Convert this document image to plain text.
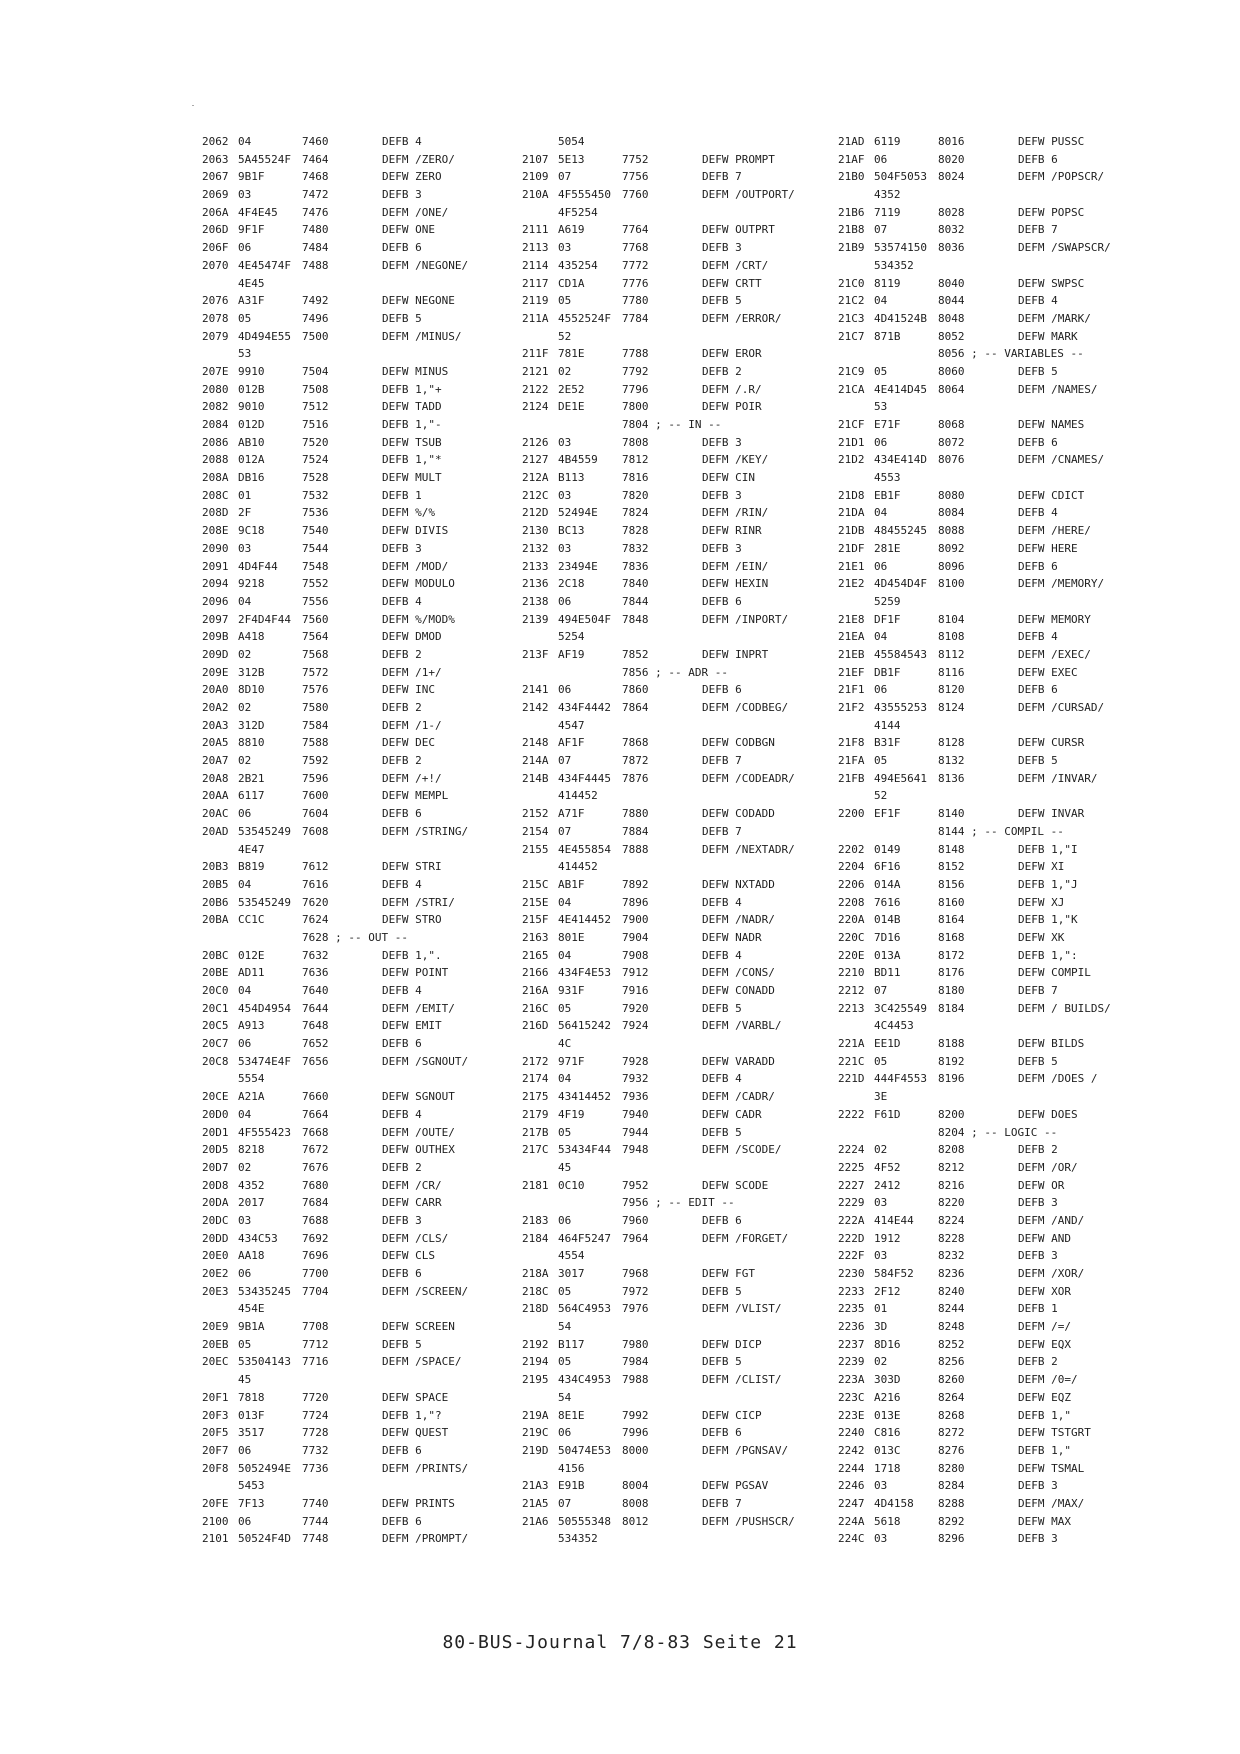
2062 04	7460	DEFB 4
2063 5A45524F 7464	DEFM /ZERO/
2067 9B1F	7468	DEFW ZERO
2069 03	7472	DEFB 3
206A 4F4E45 7476	DEFM /ONE/
206D 9F1F	7480	DEFW ONE
206F 06	7484	DEFB 6
2070 4E45474F 7488	DEFM /NEGONE/
4E45
2076 A31F	7492	DEFW NEGONE
2078 05	7496	DEFB 5
2079 4D494E55 7500	DEFM /MINUS/
53
207E 9910	7504	DEFW MINUS
2080 012B	7508	DEFB 1,"+
2082 9010	7512	DEFW TADD
2084 012D	7516	DEFB 1,"-
2086 AB10	7520	DEFW TSUB
2088 012A	7524	DEFB 1,"*
208A DB16	7528	DEFW MULT
208C 01	7532	DEFB 1
208D 2F	7536	DEFM %/%
208E 9C18	7540	DEFW DIVIS
2090 03	7544	DEFB 3
2091 4D4F44 7548	DEFM /MOD/
2094 9218	7552	DEFW MODULO
2096 04	7556	DEFB 4
2097 2F4D4F44 7560	DEFM %/MOD%
209B A418	7564	DEFW DMOD
209D 02	7568	DEFB 2
209E 312B	7572	DEFM /1+/
20A0 8D10	7576	DEFW INC
20A2 02	7580	DEFB 2
20A3 312D	7584	DEFM /1-/
20A5 8810	7588	DEFW DEC
20A7 02	7592	DEFB 2
20A8 2B21	7596	DEFM /+!/
20AA 6117	7600	DEFW MEMPL
20AC 06	7604	DEFB 6
20AD 53545249 7608	DEFM /STRING/
4E47
20B3 B819	7612	DEFW STRI
20B5 04	7616	DEFB 4
20B6 53545249 7620	DEFM /STRI/
20BA CC1C	7624	DEFW STRO
7628 ; -- OUT --
20BC 012E	7632	DEFB 1,".
20BE AD11	7636	DEFW POINT
20C0 04	7640	DEFB 4
20C1 454D4954 7644	DEFM /EMIT/
20C5 A913	7648	DEFW EMIT
20C7 06	7652	DEFB 6
20C8 53474E4F 7656	DEFM /SGNOUT/
5554
20CE A21A	7660	DEFW SGNOUT
20D0 04	7664	DEFB 4
20D1 4F555423 7668	DEFM /OUTE/
20D5 8218	7672	DEFW OUTHEX
20D7 02	7676	DEFB 2
20D8 4352	7680	DEFM /CR/
20DA 2017	7684	DEFW CARR
20DC 03	7688	DEFB 3
20DD 434C53 7692	DEFM /CLS/
20E0 AA18	7696	DEFW CLS
20E2 06	7700	DEFB 6
20E3 53435245 7704	DEFM /SCREEN/
454E
20E9 9B1A	7708	DEFW SCREEN
20EB 05	7712	DEFB 5
20EC 53504143 7716	DEFM /SPACE/
45
20F1 7818	7720	DEFW SPACE
20F3 013F	7724	DEFB 1,"?
20F5 3517	7728	DEFW QUEST
20F7 06	7732	DEFB 6
20F8 5052494E 7736	DEFM /PRINTS/
5453
20FE 7F13	7740	DEFW PRINTS
2100 06	7744	DEFB 6
2101 50524F4D 7748	DEFM /PROMPT/
5054
2107 5E13	7752	DEFW PROMPT
2109 07	7756	DEFB 7
210A 4F555450 7760	DEFM /OUTPORT/
4F5254
2111 A619	7764	DEFW OUTPRT
2113 03	7768	DEFB 3
2114 435254 7772	DEFM /CRT/
2117 CD1A	7776	DEFW CRTT
2119 05	7780	DEFB 5
211A 4552524F 7784	DEFM /ERROR/
52
211F 781E	7788	DEFW EROR
2121 02	7792	DEFB 2
2122 2E52	7796	DEFM /.R/
2124 DE1E	7800	DEFW POIR
7804 ; -- IN --
2126 03	7808	DEFB 3
2127 4B4559 7812	DEFM /KEY/
212A B113	7816	DEFW CIN
212C 03	7820	DEFB 3
212D 52494E 7824	DEFM /RIN/
2130 BC13	7828	DEFW RINR
2132 03	7832	DEFB 3
2133 23494E 7836	DEFM /EIN/
2136 2C18	7840	DEFW HEXIN
2138 06	7844	DEFB 6
2139 494E504F 7848	DEFM /INPORT/
5254
213F AF19	7852	DEFW INPRT
7856 ; -- ADR --
2141 06	7860	DEFB 6
2142 434F4442 7864	DEFM /CODBEG/
4547
2148 AF1F	7868	DEFW CODBGN
214A 07	7872	DEFB 7
214B 434F4445 7876	DEFM /CODEADR/
414452
2152 A71F	7880	DEFW CODADD
2154 07	7884	DEFB 7
2155 4E455854 7888	DEFM /NEXTADR/
414452
215C AB1F	7892	DEFW NXTADD
215E 04	7896	DEFB 4
215F 4E414452 7900	DEFM /NADR/
2163 801E	7904	DEFW NADR
2165 04	7908	DEFB 4
2166 434F4E53 7912	DEFM /CONS/
216A 931F	7916	DEFW CONADD
216C 05	7920	DEFB 5
216D 56415242 7924	DEFM /VARBL/
4C
2172 971F	7928	DEFW VARADD
2174 04	7932	DEFB 4
2175 43414452 7936	DEFM /CADR/
2179 4F19	7940	DEFW CADR
217B 05	7944	DEFB 5
217C 53434F44 7948	DEFM /SCODE/
45
2181 0C10	7952	DEFW SCODE
7956 ; -- EDIT --
2183 06	7960	DEFB 6
2184 464F5247 7964	DEFM /FORGET/
4554
218A 3017	7968	DEFW FGT
218C 05	7972	DEFB 5
218D 564C4953 7976	DEFM /VLIST/
54
2192 B117	7980	DEFW DICP
2194 05	7984	DEFB 5
2195 434C4953 7988	DEFM /CLIST/
54
219A 8E1E	7992	DEFW CICP
219C 06	7996	DEFB 6
219D 50474E53 8000	DEFM /PGNSAV/
4156
21A3 E91B	8004	DEFW PGSAV
21A5 07	8008	DEFB 7
21A6 50555348 8012	DEFM /PUSHSCR/
534352
21AD 6119	8016	DEFW PUSSC
21AF 06	8020	DEFB 6
21B0 504F5053 8024	DEFM /POPSCR/
4352
21B6 7119	8028	DEFW POPSC
21B8 07	8032	DEFB 7
21B9 53574150 8036	DEFM /SWAPSCR/
534352
21C0 8119	8040	DEFW SWPSC
21C2 04	8044	DEFB 4
21C3 4D41524B 8048	DEFM /MARK/
21C7 871B	8052	DEFW MARK
8056 ; -- VARIABLES --
21C9 05	8060	DEFB 5
21CA 4E414D45 8064	DEFM /NAMES/
53
21CF E71F	8068	DEFW NAMES
21D1 06	8072	DEFB 6
21D2 434E414D 8076	DEFM /CNAMES/
4553
21D8 EB1F	8080	DEFW CDICT
21DA 04	8084	DEFB 4
21DB 48455245 8088	DEFM /HERE/
21DF 281E	8092	DEFW HERE
21E1 06	8096	DEFB 6
21E2 4D454D4F 8100	DEFM /MEMORY/
5259
21E8 DF1F	8104	DEFW MEMORY
21EA 04	8108	DEFB 4
21EB 45584543 8112	DEFM /EXEC/
21EF DB1F	8116	DEFW EXEC
21F1 06	8120	DEFB 6
21F2 43555253 8124	DEFM /CURSAD/
4144
21F8 B31F	8128	DEFW CURSR
21FA 05	8132	DEFB 5
21FB 494E5641 8136	DEFM /INVAR/
52
2200 EF1F	8140	DEFW INVAR
8144 ; -- COMPIL --
2202 0149	8148	DEFB 1,"I
2204 6F16	8152	DEFW XI
2206 014A	8156	DEFB 1,"J
2208 7616	8160	DEFW XJ
220A 014B	8164	DEFB 1,"K
220C 7D16	8168	DEFW XK
220E 013A	8172	DEFB 1,":
2210 BD11	8176	DEFW COMPIL
2212 07	8180	DEFB 7
2213 3C425549 8184	DEFM / BUILDS/
4C4453
221A EE1D	8188	DEFW BILDS
221C 05	8192	DEFB 5
221D 444F4553 8196	DEFM /DOES /
3E
2222 F61D	8200	DEFW DOES
8204 ; -- LOGIC --
2224 02	8208	DEFB 2
2225 4F52	8212	DEFM /OR/
2227 2412	8216	DEFW OR
2229 03	8220	DEFB 3
222A 414E44 8224	DEFM /AND/
222D 1912	8228	DEFW AND
222F 03	8232	DEFB 3
2230 584F52 8236	DEFM /XOR/
2233 2F12	8240	DEFW XOR
2235 01	8244	DEFB 1
2236 3D	8248	DEFM /=/
2237 8D16	8252	DEFW EQX
2239 02	8256	DEFB 2
223A 303D	8260	DEFM /0=/
223C A216	8264	DEFW EQZ
223E 013E	8268	DEFB 1,"
2240 C816	8272	DEFW TSTGRT
2242 013C	8276	DEFB 1,"
2244 1718	8280	DEFW TSMAL
2246 03	8284	DEFB 3
2247 4D4158 8288	DEFM /MAX/
224A 5618	8292	DEFW MAX
224C 03	8296	DEFB 3
80-BUS-Journal 7/8-83 Seite 21
